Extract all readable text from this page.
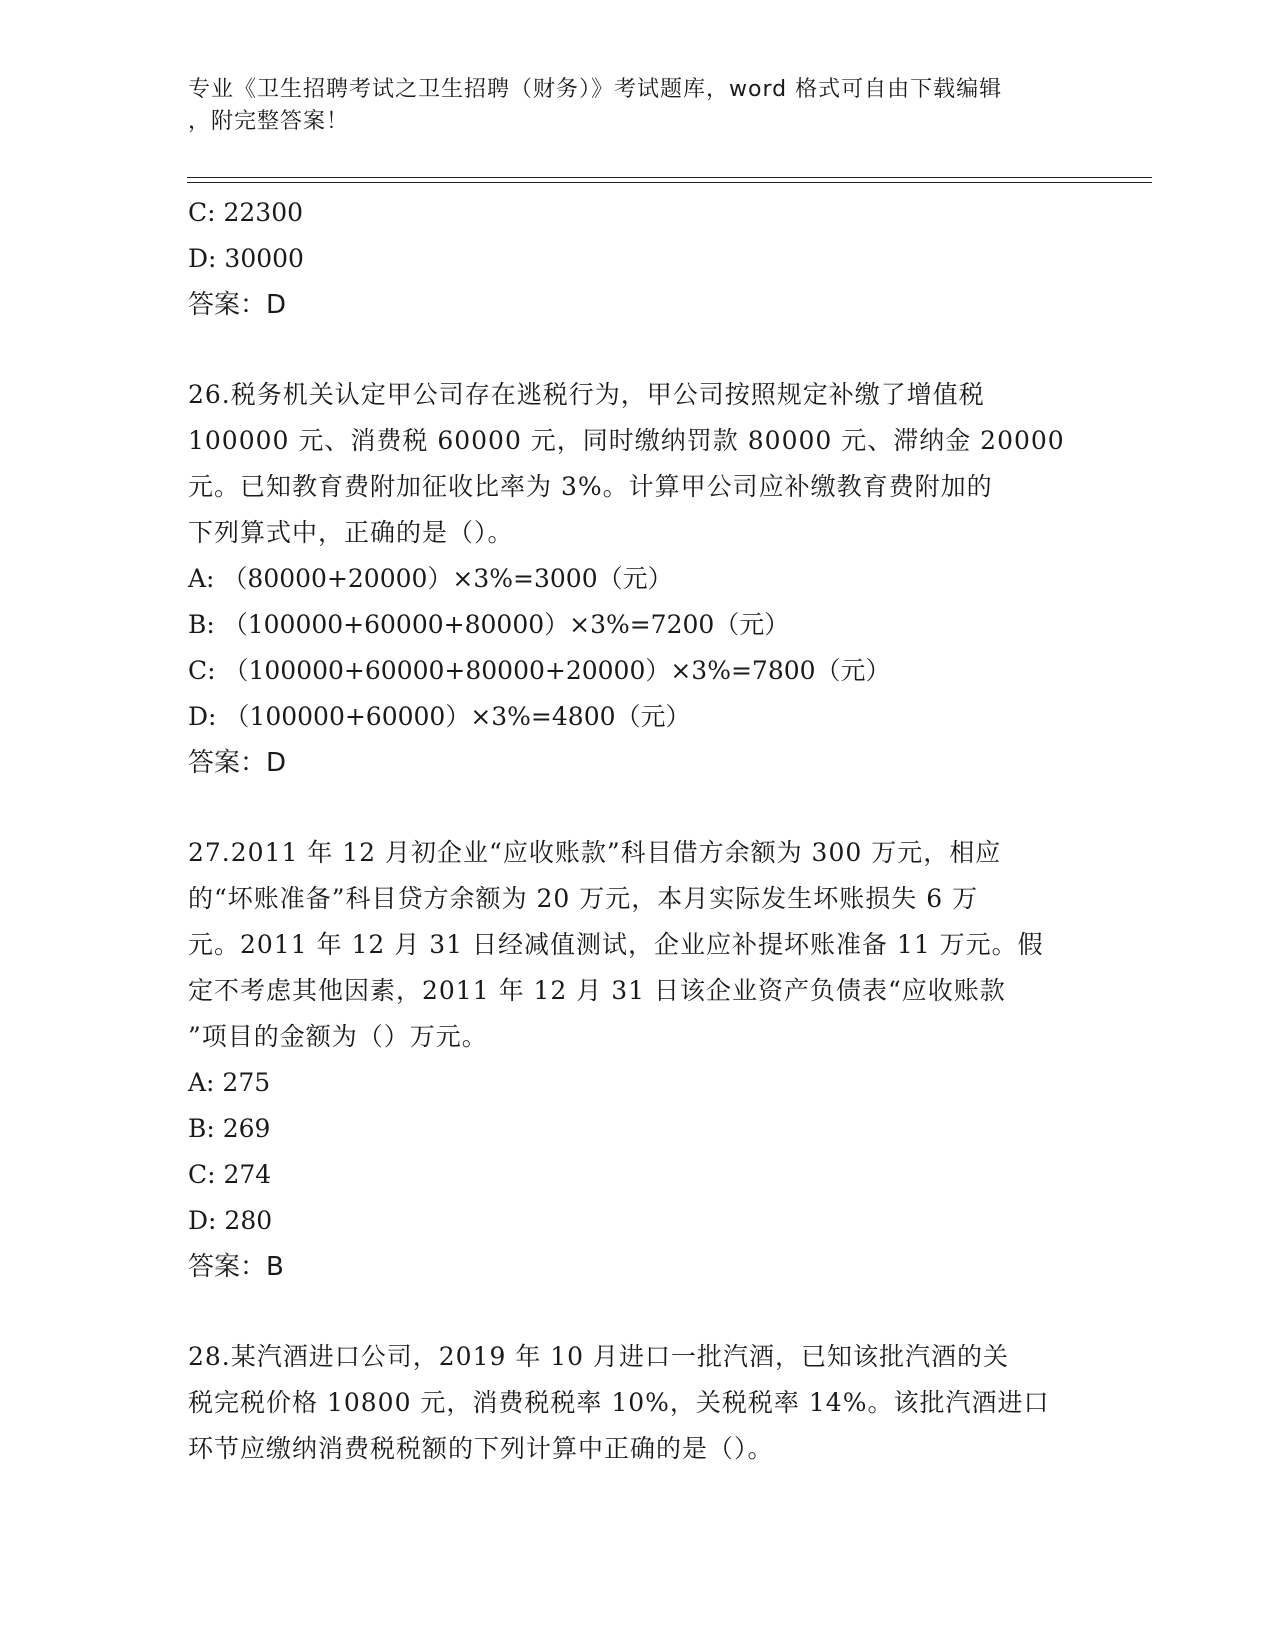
专业《卫生招聘考试之卫生招聘（财务）》考试题库，word 格式可自由下载编辑
，附完整答案！
C: 22300
D: 30000
答案：D
26.税务机关认定甲公司存在逃税行为，甲公司按照规定补缴了增值税
100000 元、消费税 60000 元，同时缴纳罚款 80000 元、滞纳金 20000
元。已知教育费附加征收比率为 3%。计算甲公司应补缴教育费附加的
下列算式中，正确的是（）。
A: （80000+20000）×3%=3000（元）
B: （100000+60000+80000）×3%=7200（元）
C: （100000+60000+80000+20000）×3%=7800（元）
D: （100000+60000）×3%=4800（元）
答案：D
27.2011 年 12 月初企业“应收账款”科目借方余额为 300 万元，相应
的“坏账准备”科目贷方余额为 20 万元，本月实际发生坏账损失 6 万
元。2011 年 12 月 31 日经减值测试，企业应补提坏账准备 11 万元。假
定不考虑其他因素，2011 年 12 月 31 日该企业资产负债表“应收账款
”项目的金额为（）万元。
A: 275
B: 269
C: 274
D: 280
答案：B
28.某汽酒进口公司，2019 年 10 月进口一批汽酒，已知该批汽酒的关
税完税价格 10800 元，消费税税率 10%，关税税率 14%。该批汽酒进口
环节应缴纳消费税税额的下列计算中正确的是（）。
